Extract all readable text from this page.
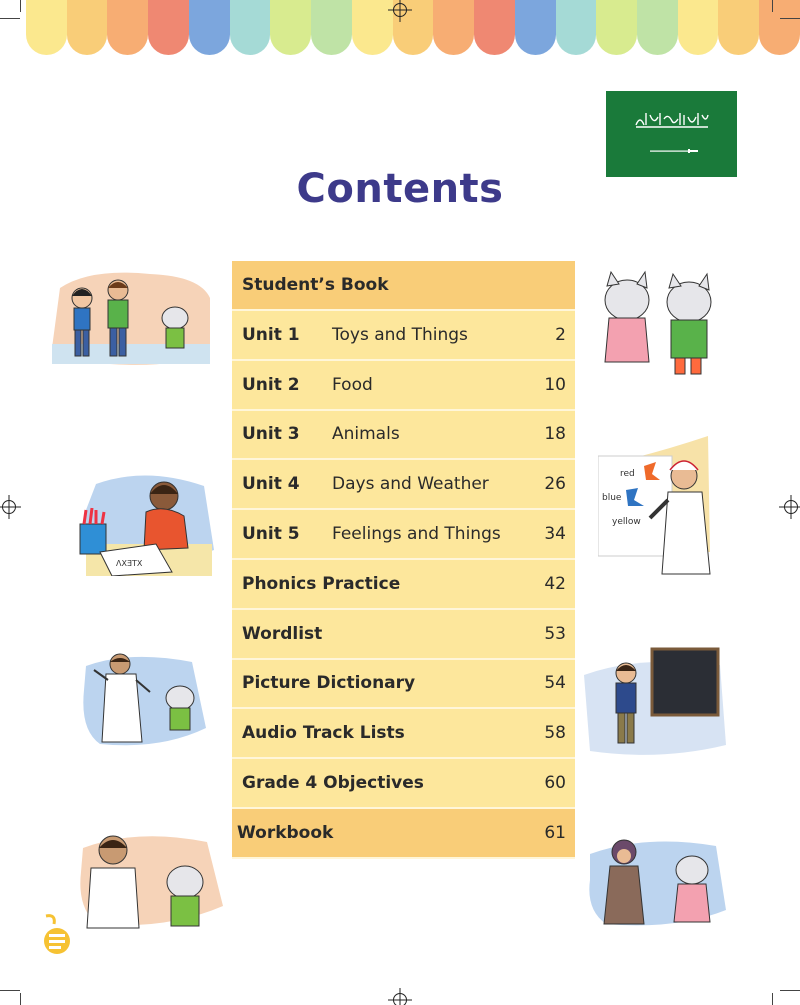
Contents
Student’s Book
Unit 1 Toys and Things	2
Unit 2 Food	10
Unit 3 Animals	18
Unit 4 Days and Weather	26
Unit 5 Feelings and Things	34
Phonics Practice	42
Wordlist	53
Picture Dictionary	54
Audio Track Lists	58
Grade 4 Objectives	60
Workbook	61
ɅXƎTX
red
blue
yellow
